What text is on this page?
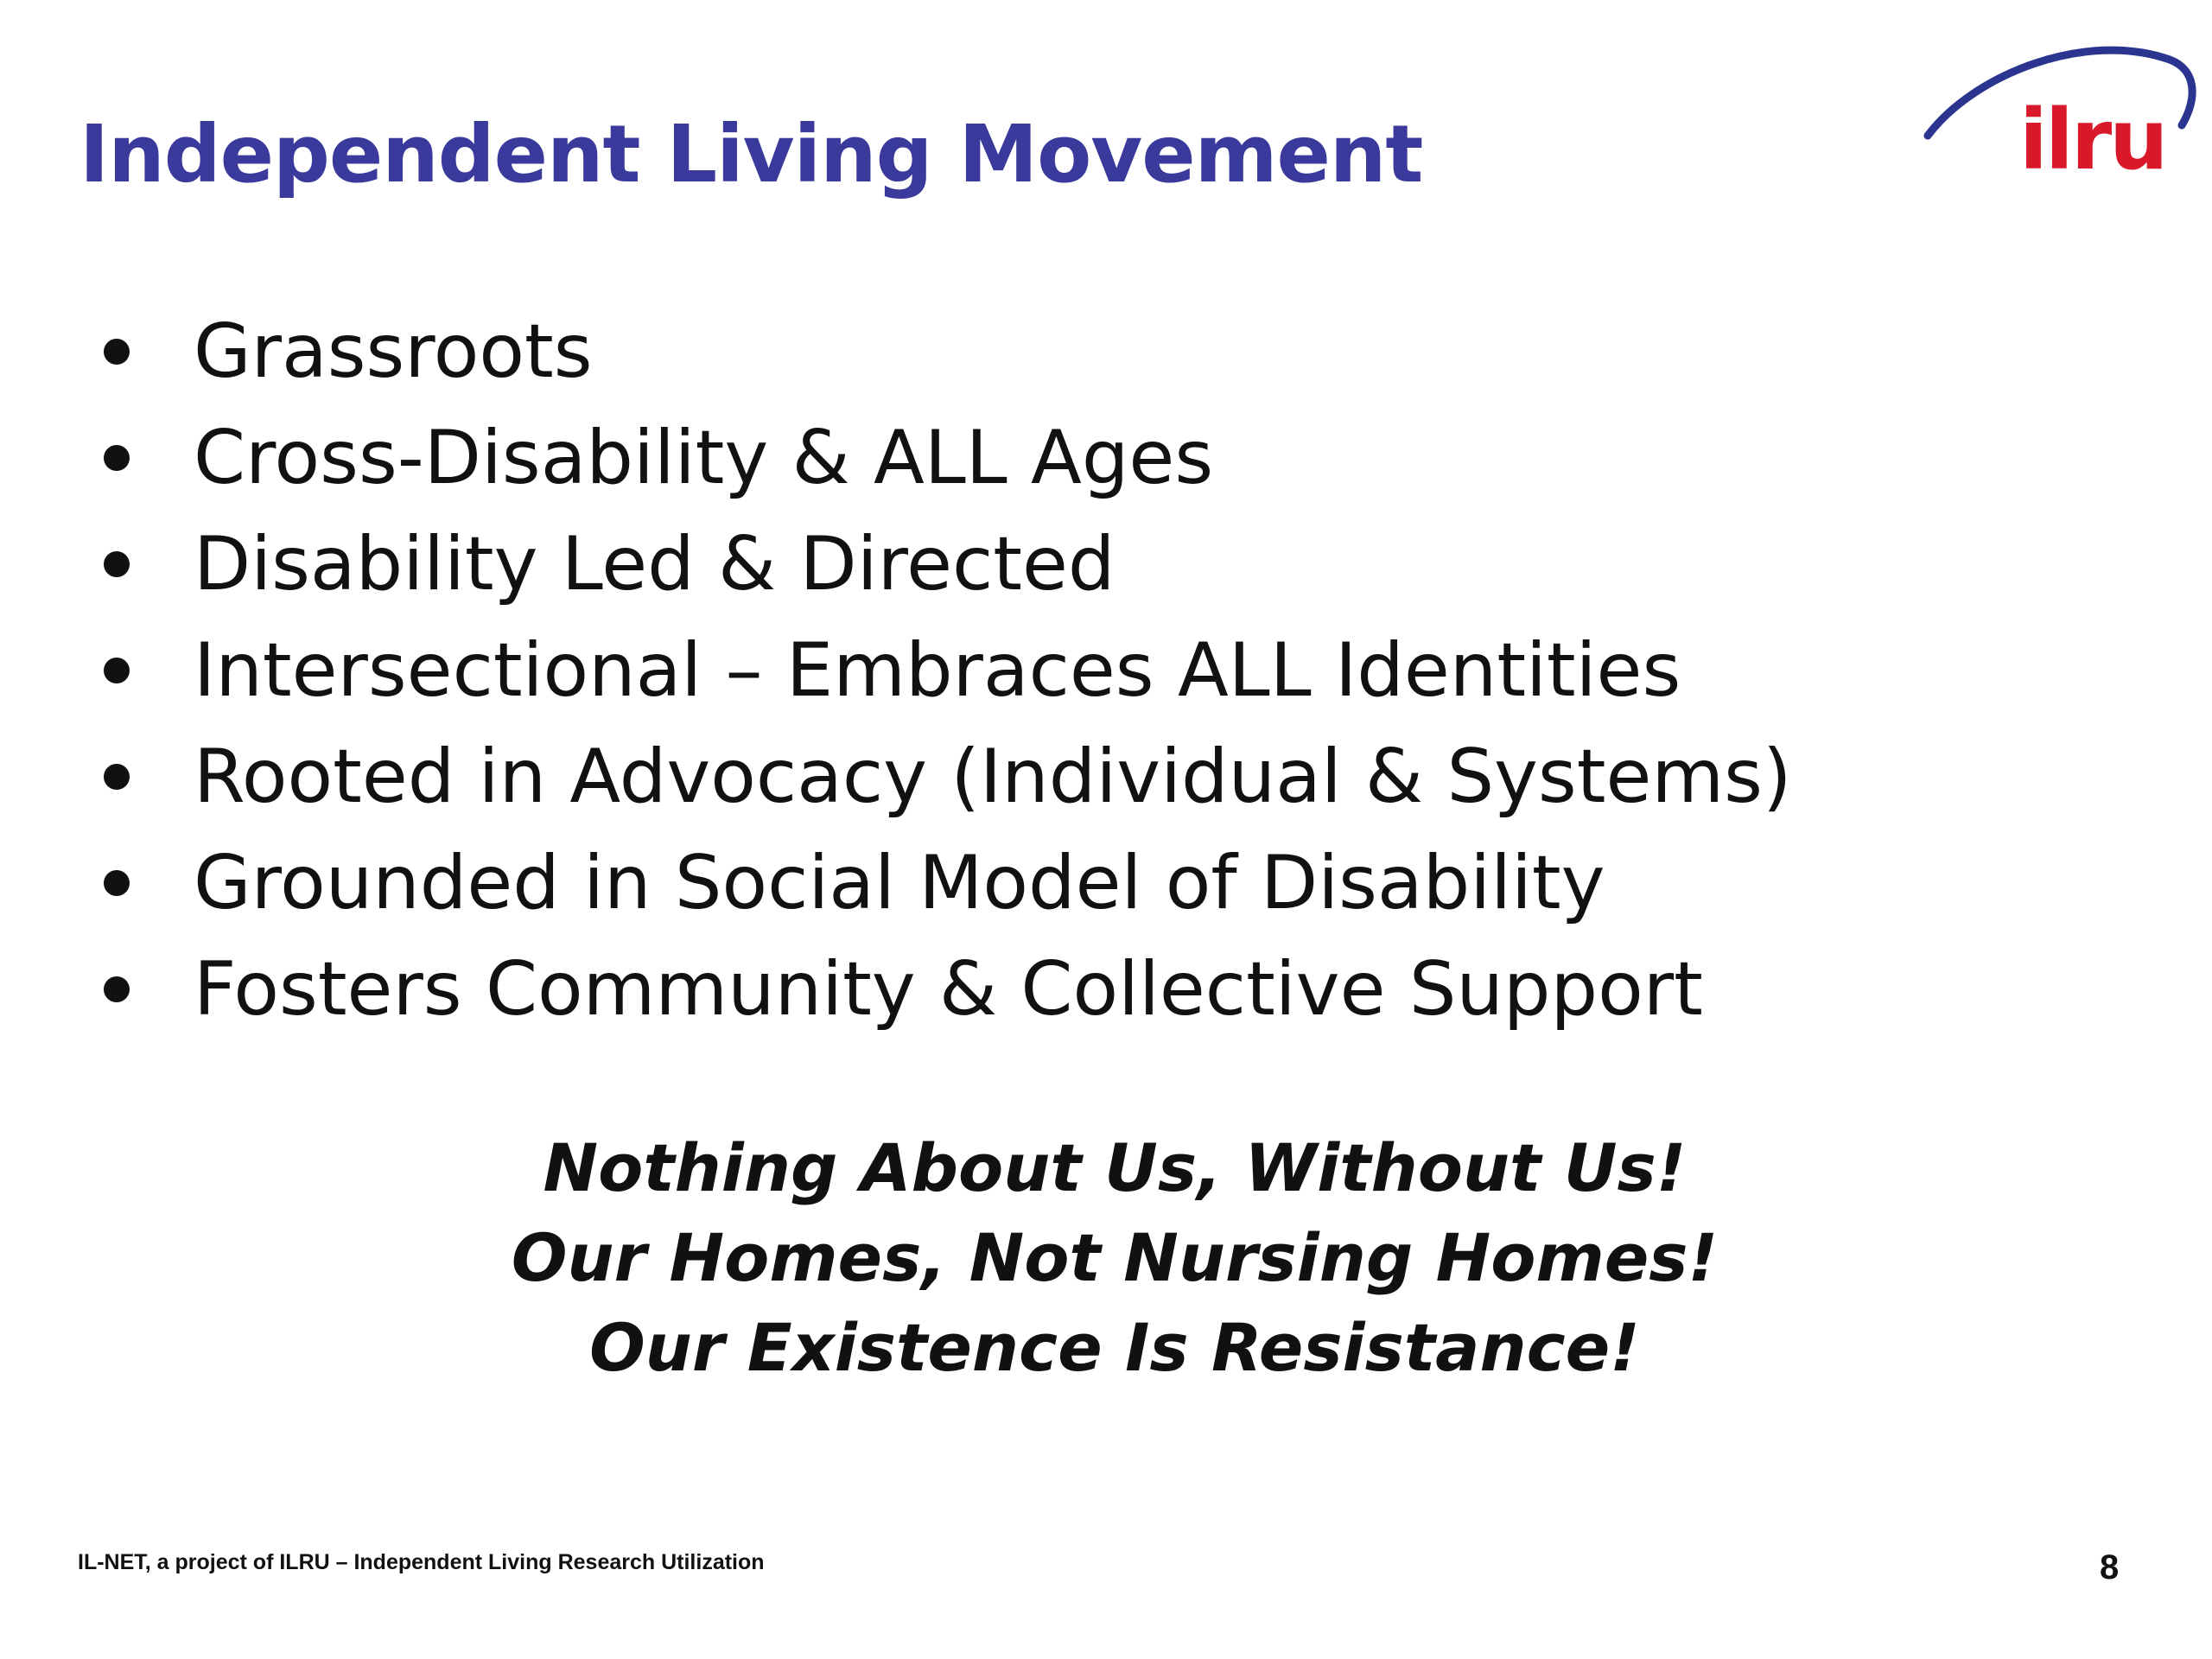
Independent Living Movement	ilru
Grassroots
Cross-Disability & ALL Ages
Disability Led & Directed
Intersectional – Embraces ALL Identities
Rooted in Advocacy (Individual & Systems)
Grounded in Social Model of Disability
Fosters Community & Collective Support
Nothing About Us, Without Us!
Our Homes, Not Nursing Homes!
Our Existence Is Resistance!
IL-NET, a project of ILRU – Independent Living Research Utilization	8
